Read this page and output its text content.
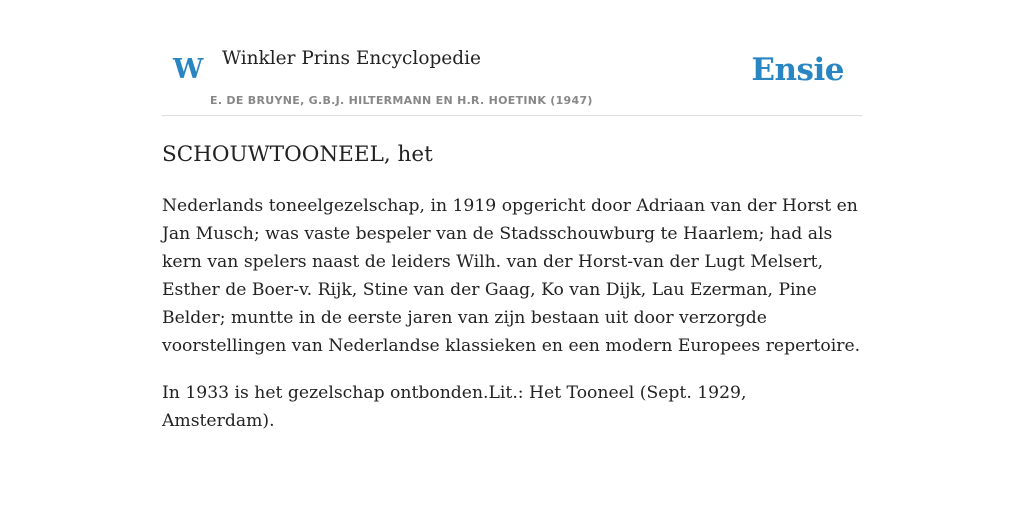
W Winkler Prins Encyclopedie
E. DE BRUYNE, G.B.J. HILTERMANN EN H.R. HOETINK (1947)
Ensie
SCHOUWTOONEEL, het

Nederlands toneelgezelschap, in 1919 opgericht door Adriaan van der Horst en Jan Musch; was vaste bespeler van de Stadsschouwburg te Haarlem; had als kern van spelers naast de leiders Wilh. van der Horst-van der Lugt Melsert, Esther de Boer-v. Rijk, Stine van der Gaag, Ko van Dijk, Lau Ezerman, Pine Belder; muntte in de eerste jaren van zijn bestaan uit door verzorgde voorstellingen van Nederlandse klassieken en een modern Europees repertoire.

In 1933 is het gezelschap ontbonden.Lit.: Het Tooneel (Sept. 1929, Amsterdam).
